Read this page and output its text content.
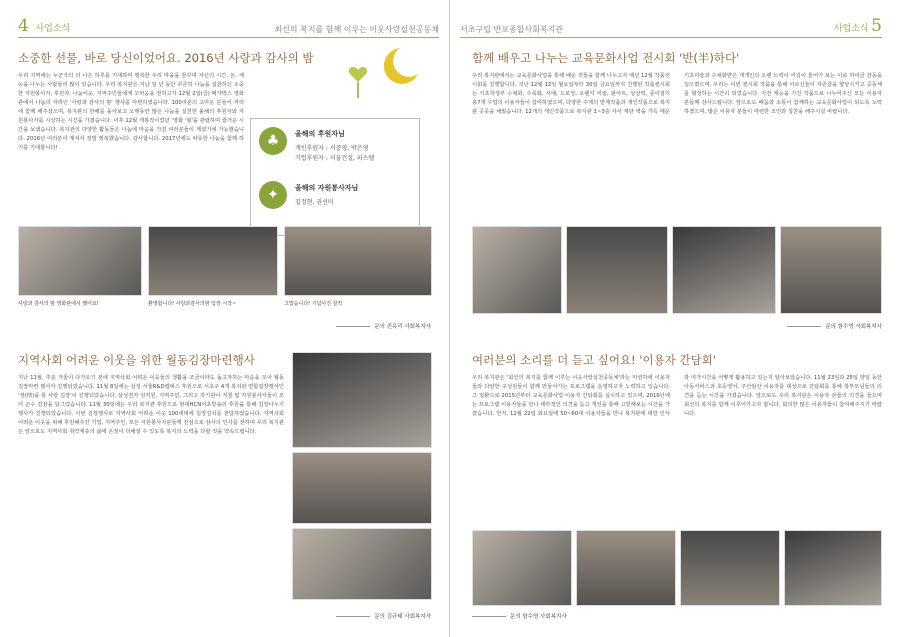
4 사업소식	최선의 복지를 함께 이루는 이웃사랑실천공동체
소중한 선물, 바로 당신이었어요. 2016년 사랑과 감사의 밤
우리 지역에는 누군가의 더 나은 하루를 기대하며 행복한 우리 마을을 꿈꾸며 자신의 시간, 돈, 재능을 나누는 사람들이 많이 있습니다. 우리 복지관은 지난 일 년 동안 꾸준히 나눔을 실천하신 소중한 자원봉사자, 후원자, 나눔이웃, 지역주민들에게 고마움을 전하고자 12월 2일(금) 메가박스 영화관에서 나눔의 자리인 '사랑과 감사의 밤' 행사를 마련하였습니다. 100여분의 고마운 분들이 자리에 함께 해주셨으며, 복지관의 한해를 돌아보고 오랫동안 많은 나눔을 실천한 올해의 후원자와 자원봉사자를 시상하는 시간을 가졌습니다. 이후 12월 개봉작이었던 '영화 '형'을 관람하며 즐거운 시간을 보냈습니다. 복지관의 다양한 활동들은 나눔에 마음을 가진 여러분들이 계셨기에 가능했습니다. 2016년 여러분이 계셔서 정말 행복했습니다. 감사합니다. 2017년에도 따뜻한 나눔을 함께 하기를 기대합니다!	♣	올해의 후원자님
개인후원자 : 서준영, 박은영
기업후원자 : 서울건설, 파스텔
✦	올해의 자원봉사자님
김정현, 권선미
사랑과 감사의 밤 영화관에서 했어요!	환영합니다! 사랑과감사의밤 입장 시작~	고맙습니다! 기념사진 찰칵
문의 진유리 사회복지사
지역사회 어려운 이웃을 위한 월동김장마련행사
지난 11월, 추운 겨울이 다가오기 전에 지역사회 어려운 이웃들의 생활을 조금이라도 돕고자하는 마음을 모아 월동김장마련 행사가 진행되었습니다. 11월 8일에는 삼성 서울R&D캠퍼스 후원으로 서초구 4개 복지관 연합김장행사인 '정(情)을 통 사랑 김장'이 진행되었습니다. 삼성전자 임직원, 지역주민, 그리고 각기관이 직원 및 자원봉사자들이 모여 손수 김장을 담그었습니다. 11월 30일에는 우리 복지관 후원으로 현대HCN서초방송의 후원을 통해 김장나누기 행사가 진행되었습니다. 이번 김장행사로 지역사회 어려운 이웃 100세대에 김장김치를 전달하였습니다. 지역사회 어려운 이웃을 위해 후원해주신 기업, 지역주민, 모든 자원봉사자분들께 진심으로 감사의 인사를 전하며 우리 복지관은 앞으로도 지역사회 취약계층의 삶에 온정이 더해질 수 있도록 복지의 노력을 다할 것을 약속드립니다.
문의 김규태 사회복지사
서초구립 반포종합사회복지관	사업소식 5
함께 배우고 나누는 교육문화사업 전시회 '반(半)하다'
우리 복지관에서는 교육문화사업을 통해 배운 것들을 함께 나누고자 매년 12월 작품전시회를 진행합니다. 지난 12월 12일 월요일부터 30일 금요일까지 진행된 작품전시회는 기초학생부 수채화, 수묵화, 서예, 드로잉, 오렌지 미술, 판아트, 상상력, 종이접기 총7개 수업의 이용자들이 참여하였으며, 다양한 주제의 반제작품과 개인작품으로 복지관 곳곳을 채웠습니다. 12개의 개인작품으로 복지관 1~3층 사이 계단 벽을 가득 메운 기초미술과 수채화반은 개개인의 오랜 노력이 어김이 들어가 보는 이로 하여금 감동을 일으켰으며, 우리는 이번 전시회 작품을 통해 어르신들이 자존감을 향상시키고 공동체를 형성하는 시간이 되었습니다. 가전 재능을 가진 작품으로 나누어주신 모든 이용자 분들께 감사드립니다. 앞으로도 배움과 소통이 함께하는 교육문화사업이 되도록 노력하겠으며, 많은 이용자 분들이 마련한 조언과 칭찬을 해주시길 바랍니다.
문의 함수영 사회복지사
여러분의 소리를 더 듣고 싶어요! '이용자 간담회'
우리 복지관은 '최선의 복지를 함께 이루는 이웃사랑실천공동체'라는 미션하에 이용자들과 다양한 구성원들이 함께 만들어가는 프로그램을 운영하고자 노력하고 있습니다. 그 일환으로 2015년부터 교육문화사업 이용자 간담회를 실시하고 있으며, 2016년에는 프로그램 이용자들을 만나 세부적인 의견을 듣고 개선을 통해 고민해보는 시간을 가졌습니다. 먼저, 11월 22일 화요일에 50~60대 이용자들을 만나 복지관에 대한 인식과 여가시간을 어떻게 활용하고 있는지 알아보았습니다. 11월 23일과 25일 양일 동안 아동서비스과 초등영어, 주산암산 이용자를 대상으로 간담회를 통해 학부모님들의 의견을 듣는 시간을 가졌습니다. 앞으로도 우리 복지관은 이용자 분들의 의견을 들으며 최선의 복지를 함께 이루어가고자 합니다. 회의한 많은 이용자들이 참여해주시기 바랍니다.
문의 함수영 사회복지사
